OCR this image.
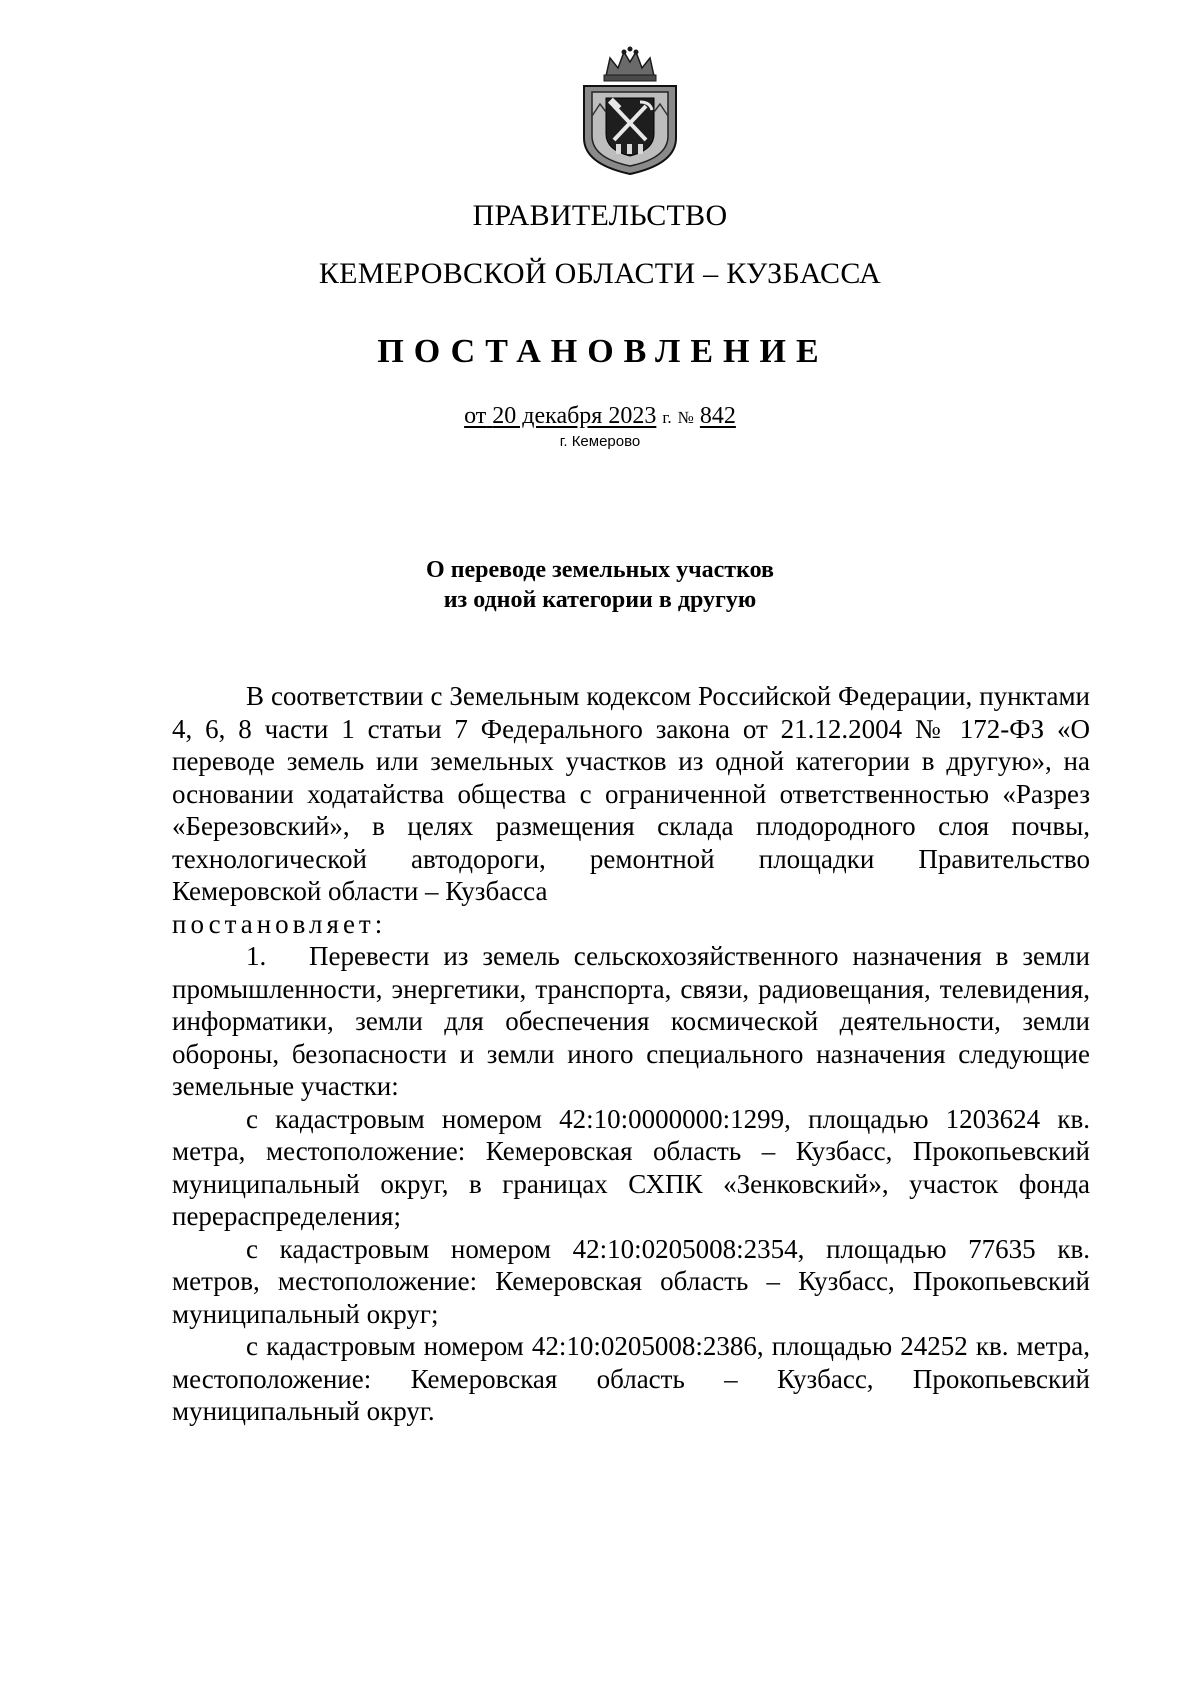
ПРАВИТЕЛЬСТВО
КЕМЕРОВСКОЙ ОБЛАСТИ – КУЗБАССА
ПОСТАНОВЛЕНИЕ
от 20 декабря 2023 г. № 842
г. Кемерово
О переводе земельных участков
из одной категории в другую

В соответствии с Земельным кодексом Российской Федерации, пунктами 4, 6, 8 части 1 статьи 7 Федерального закона от 21.12.2004 № 172-ФЗ «О переводе земель или земельных участков из одной категории в другую», на основании ходатайства общества с ограниченной ответственностью «Разрез «Березовский», в целях размещения склада плодородного слоя почвы, технологической автодороги, ремонтной площадки Правительство Кемеровской области – Кузбасса

постановляет:

1. Перевести из земель сельскохозяйственного назначения в земли промышленности, энергетики, транспорта, связи, радиовещания, телевидения, информатики, земли для обеспечения космической деятельности, земли обороны, безопасности и земли иного специального назначения следующие земельные участки:

с кадастровым номером 42:10:0000000:1299, площадью 1203624 кв. метра, местоположение: Кемеровская область – Кузбасс, Прокопьевский муниципальный округ, в границах СХПК «Зенковский», участок фонда перераспределения;

с кадастровым номером 42:10:0205008:2354, площадью 77635 кв. метров, местоположение: Кемеровская область – Кузбасс, Прокопьевский муниципальный округ;

с кадастровым номером 42:10:0205008:2386, площадью 24252 кв. метра, местоположение: Кемеровская область – Кузбасс, Прокопьевский муниципальный округ.
